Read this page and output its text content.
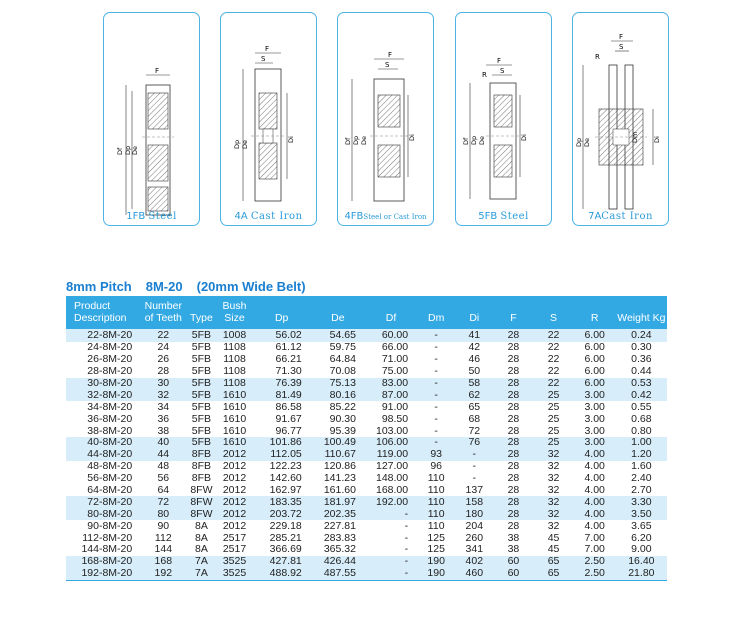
F
Df Dp De
1FB Steel
F
S
Dp De
Di
4A Cast Iron
F
S
Df Dp De	Di
4FBSteel or Cast Iron
F
S
R
Df Dp De	Di
5FB Steel
F
S
R
Dp De	Dm Di
7ACast Iron
8mm Pitch 8M-20 (20mm Wide Belt)
Product Description	Number of Teeth	Type	Bush Size	Dp	De	Df	Dm	Di	F	S	R	Weight Kg
22-8M-20	22	5FB	1008	56.02	54.65	60.00	-	41	28	22	6.00	0.24
24-8M-20	24	5FB	1108	61.12	59.75	66.00	-	42	28	22	6.00	0.30
26-8M-20	26	5FB	1108	66.21	64.84	71.00	-	46	28	22	6.00	0.36
28-8M-20	28	5FB	1108	71.30	70.08	75.00	-	50	28	22	6.00	0.44
30-8M-20	30	5FB	1108	76.39	75.13	83.00	-	58	28	22	6.00	0.53
32-8M-20	32	5FB	1610	81.49	80.16	87.00	-	62	28	25	3.00	0.42
34-8M-20	34	5FB	1610	86.58	85.22	91.00	-	65	28	25	3.00	0.55
36-8M-20	36	5FB	1610	91.67	90.30	98.50	-	68	28	25	3.00	0.68
38-8M-20	38	5FB	1610	96.77	95.39	103.00	-	72	28	25	3.00	0.80
40-8M-20	40	5FB	1610	101.86	100.49	106.00	-	76	28	25	3.00	1.00
44-8M-20	44	8FB	2012	112.05	110.67	119.00	93	-	28	32	4.00	1.20
48-8M-20	48	8FB	2012	122.23	120.86	127.00	96	-	28	32	4.00	1.60
56-8M-20	56	8FB	2012	142.60	141.23	148.00	110	-	28	32	4.00	2.40
64-8M-20	64	8FW	2012	162.97	161.60	168.00	110	137	28	32	4.00	2.70
72-8M-20	72	8FW	2012	183.35	181.97	192.00	110	158	28	32	4.00	3.30
80-8M-20	80	8FW	2012	203.72	202.35	-	110	180	28	32	4.00	3.50
90-8M-20	90	8A	2012	229.18	227.81	-	110	204	28	32	4.00	3.65
112-8M-20	112	8A	2517	285.21	283.83	-	125	260	38	45	7.00	6.20
144-8M-20	144	8A	2517	366.69	365.32	-	125	341	38	45	7.00	9.00
168-8M-20	168	7A	3525	427.81	426.44	-	190	402	60	65	2.50	16.40
192-8M-20	192	7A	3525	488.92	487.55	-	190	460	60	65	2.50	21.80
